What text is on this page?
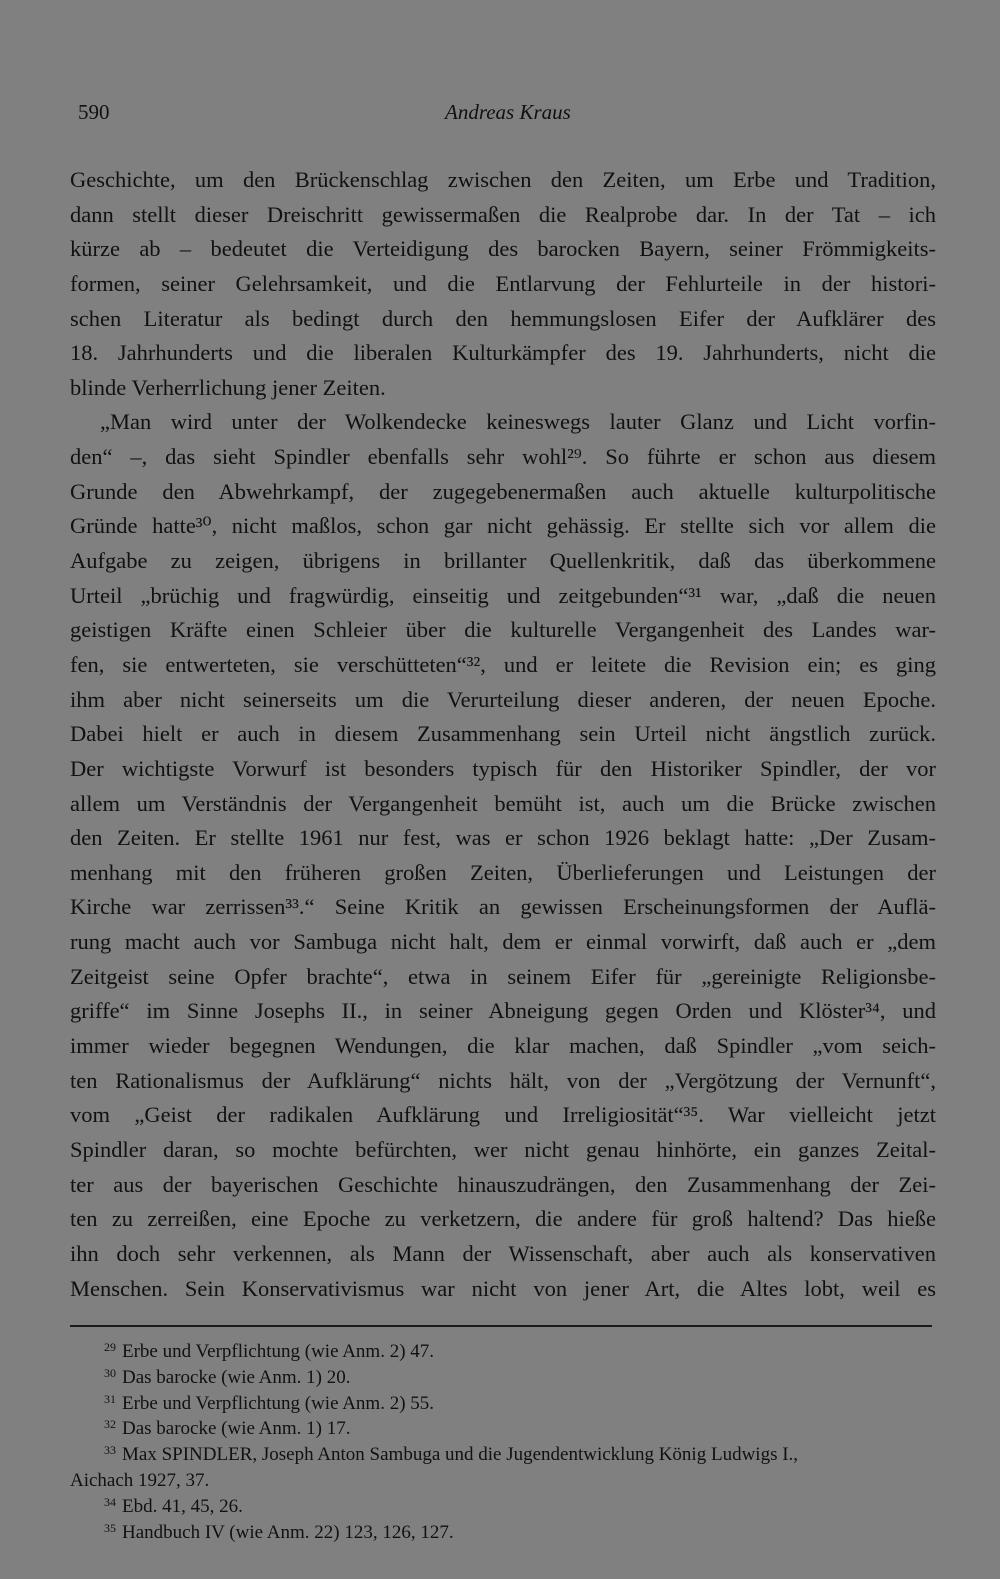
590	Andreas Kraus
Geschichte, um den Brückenschlag zwischen den Zeiten, um Erbe und Tradition,
dann stellt dieser Dreischritt gewissermaßen die Realprobe dar. In der Tat – ich
kürze ab – bedeutet die Verteidigung des barocken Bayern, seiner Frömmigkeits-
formen, seiner Gelehrsamkeit, und die Entlarvung der Fehlurteile in der histori-
schen Literatur als bedingt durch den hemmungslosen Eifer der Aufklärer des
18. Jahrhunderts und die liberalen Kulturkämpfer des 19. Jahrhunderts, nicht die
blinde Verherrlichung jener Zeiten.
„Man wird unter der Wolkendecke keineswegs lauter Glanz und Licht vorfin-
den“ –, das sieht Spindler ebenfalls sehr wohl²⁹. So führte er schon aus diesem
Grunde den Abwehrkampf, der zugegebenermaßen auch aktuelle kulturpolitische
Gründe hatte³⁰, nicht maßlos, schon gar nicht gehässig. Er stellte sich vor allem die
Aufgabe zu zeigen, übrigens in brillanter Quellenkritik, daß das überkommene
Urteil „brüchig und fragwürdig, einseitig und zeitgebunden“³¹ war, „daß die neuen
geistigen Kräfte einen Schleier über die kulturelle Vergangenheit des Landes war-
fen, sie entwerteten, sie verschütteten“³², und er leitete die Revision ein; es ging
ihm aber nicht seinerseits um die Verurteilung dieser anderen, der neuen Epoche.
Dabei hielt er auch in diesem Zusammenhang sein Urteil nicht ängstlich zurück.
Der wichtigste Vorwurf ist besonders typisch für den Historiker Spindler, der vor
allem um Verständnis der Vergangenheit bemüht ist, auch um die Brücke zwischen
den Zeiten. Er stellte 1961 nur fest, was er schon 1926 beklagt hatte: „Der Zusam-
menhang mit den früheren großen Zeiten, Überlieferungen und Leistungen der
Kirche war zerrissen³³.“ Seine Kritik an gewissen Erscheinungsformen der Auflä-
rung macht auch vor Sambuga nicht halt, dem er einmal vorwirft, daß auch er „dem
Zeitgeist seine Opfer brachte“, etwa in seinem Eifer für „gereinigte Religionsbe-
griffe“ im Sinne Josephs II., in seiner Abneigung gegen Orden und Klöster³⁴, und
immer wieder begegnen Wendungen, die klar machen, daß Spindler „vom seich-
ten Rationalismus der Aufklärung“ nichts hält, von der „Vergötzung der Vernunft“,
vom „Geist der radikalen Aufklärung und Irreligiosität“³⁵. War vielleicht jetzt
Spindler daran, so mochte befürchten, wer nicht genau hinhörte, ein ganzes Zeital-
ter aus der bayerischen Geschichte hinauszudrängen, den Zusammenhang der Zei-
ten zu zerreißen, eine Epoche zu verketzern, die andere für groß haltend? Das hieße
ihn doch sehr verkennen, als Mann der Wissenschaft, aber auch als konservativen
Menschen. Sein Konservativismus war nicht von jener Art, die Altes lobt, weil es
29 Erbe und Verpflichtung (wie Anm. 2) 47.
30 Das barocke (wie Anm. 1) 20.
31 Erbe und Verpflichtung (wie Anm. 2) 55.
32 Das barocke (wie Anm. 1) 17.
33 Max SPINDLER, Joseph Anton Sambuga und die Jugendentwicklung König Ludwigs I.,
Aichach 1927, 37.
34 Ebd. 41, 45, 26.
35 Handbuch IV (wie Anm. 22) 123, 126, 127.
